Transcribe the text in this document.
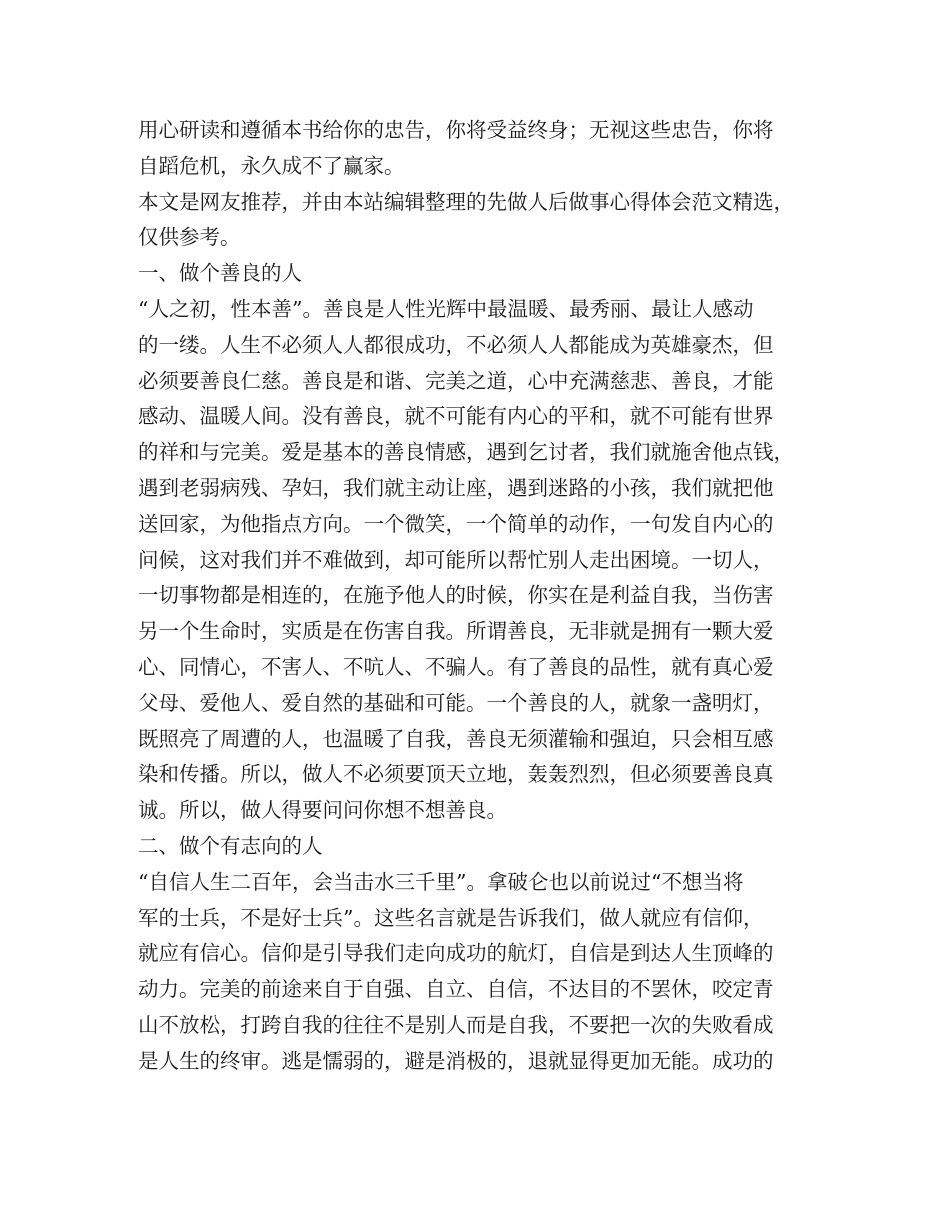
用心研读和遵循本书给你的忠告，你将受益终身；无视这些忠告，你将
自蹈危机，永久成不了赢家。
本文是网友推荐，并由本站编辑整理的先做人后做事心得体会范文精选，
仅供参考。
一、做个善良的人
“人之初，性本善”。善良是人性光辉中最温暖、最秀丽、最让人感动
的一缕。人生不必须人人都很成功，不必须人人都能成为英雄豪杰，但
必须要善良仁慈。善良是和谐、完美之道，心中充满慈悲、善良，才能
感动、温暖人间。没有善良，就不可能有内心的平和，就不可能有世界
的祥和与完美。爱是基本的善良情感，遇到乞讨者，我们就施舍他点钱，
遇到老弱病残、孕妇，我们就主动让座，遇到迷路的小孩，我们就把他
送回家，为他指点方向。一个微笑，一个简单的动作，一句发自内心的
问候，这对我们并不难做到，却可能所以帮忙别人走出困境。一切人，
一切事物都是相连的，在施予他人的时候，你实在是利益自我，当伤害
另一个生命时，实质是在伤害自我。所谓善良，无非就是拥有一颗大爱
心、同情心，不害人、不吭人、不骗人。有了善良的品性，就有真心爱
父母、爱他人、爱自然的基础和可能。一个善良的人，就象一盏明灯，
既照亮了周遭的人，也温暖了自我，善良无须灌输和强迫，只会相互感
染和传播。所以，做人不必须要顶天立地，轰轰烈烈，但必须要善良真
诚。所以，做人得要问问你想不想善良。
二、做个有志向的人
“自信人生二百年，会当击水三千里”。拿破仑也以前说过“不想当将
军的士兵，不是好士兵”。这些名言就是告诉我们，做人就应有信仰，
就应有信心。信仰是引导我们走向成功的航灯，自信是到达人生顶峰的
动力。完美的前途来自于自强、自立、自信，不达目的不罢休，咬定青
山不放松，打跨自我的往往不是别人而是自我，不要把一次的失败看成
是人生的终审。逃是懦弱的，避是消极的，退就显得更加无能。成功的
